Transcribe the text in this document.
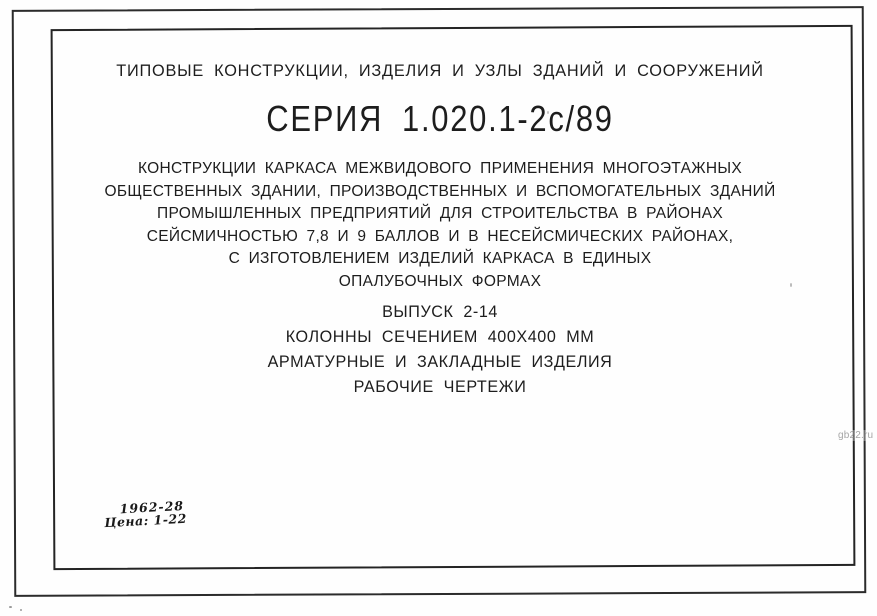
ТИПОВЫЕ КОНСТРУКЦИИ, ИЗДЕЛИЯ И УЗЛЫ ЗДАНИЙ И СООРУЖЕНИЙ
СЕРИЯ 1.020.1-2с/89
КОНСТРУКЦИИ КАРКАСА МЕЖВИДОВОГО ПРИМЕНЕНИЯ МНОГОЭТАЖНЫХ
ОБЩЕСТВЕННЫХ ЗДАНИИ, ПРОИЗВОДСТВЕННЫХ И ВСПОМОГАТЕЛЬНЫХ ЗДАНИЙ
ПРОМЫШЛЕННЫХ ПРЕДПРИЯТИЙ ДЛЯ СТРОИТЕЛЬСТВА В РАЙОНАХ
СЕЙСМИЧНОСТЬЮ 7,8 И 9 БАЛЛОВ И В НЕСЕЙСМИЧЕСКИХ РАЙОНАХ,
С ИЗГОТОВЛЕНИЕМ ИЗДЕЛИЙ КАРКАСА В ЕДИНЫХ
ОПАЛУБОЧНЫХ ФОРМАХ
ВЫПУСК 2-14
КОЛОННЫ СЕЧЕНИЕМ 400Х400 ММ
АРМАТУРНЫЕ И ЗАКЛАДНЫЕ ИЗДЕЛИЯ
РАБОЧИЕ ЧЕРТЕЖИ
1962-28
Цена: 1-22
gb22.ru
